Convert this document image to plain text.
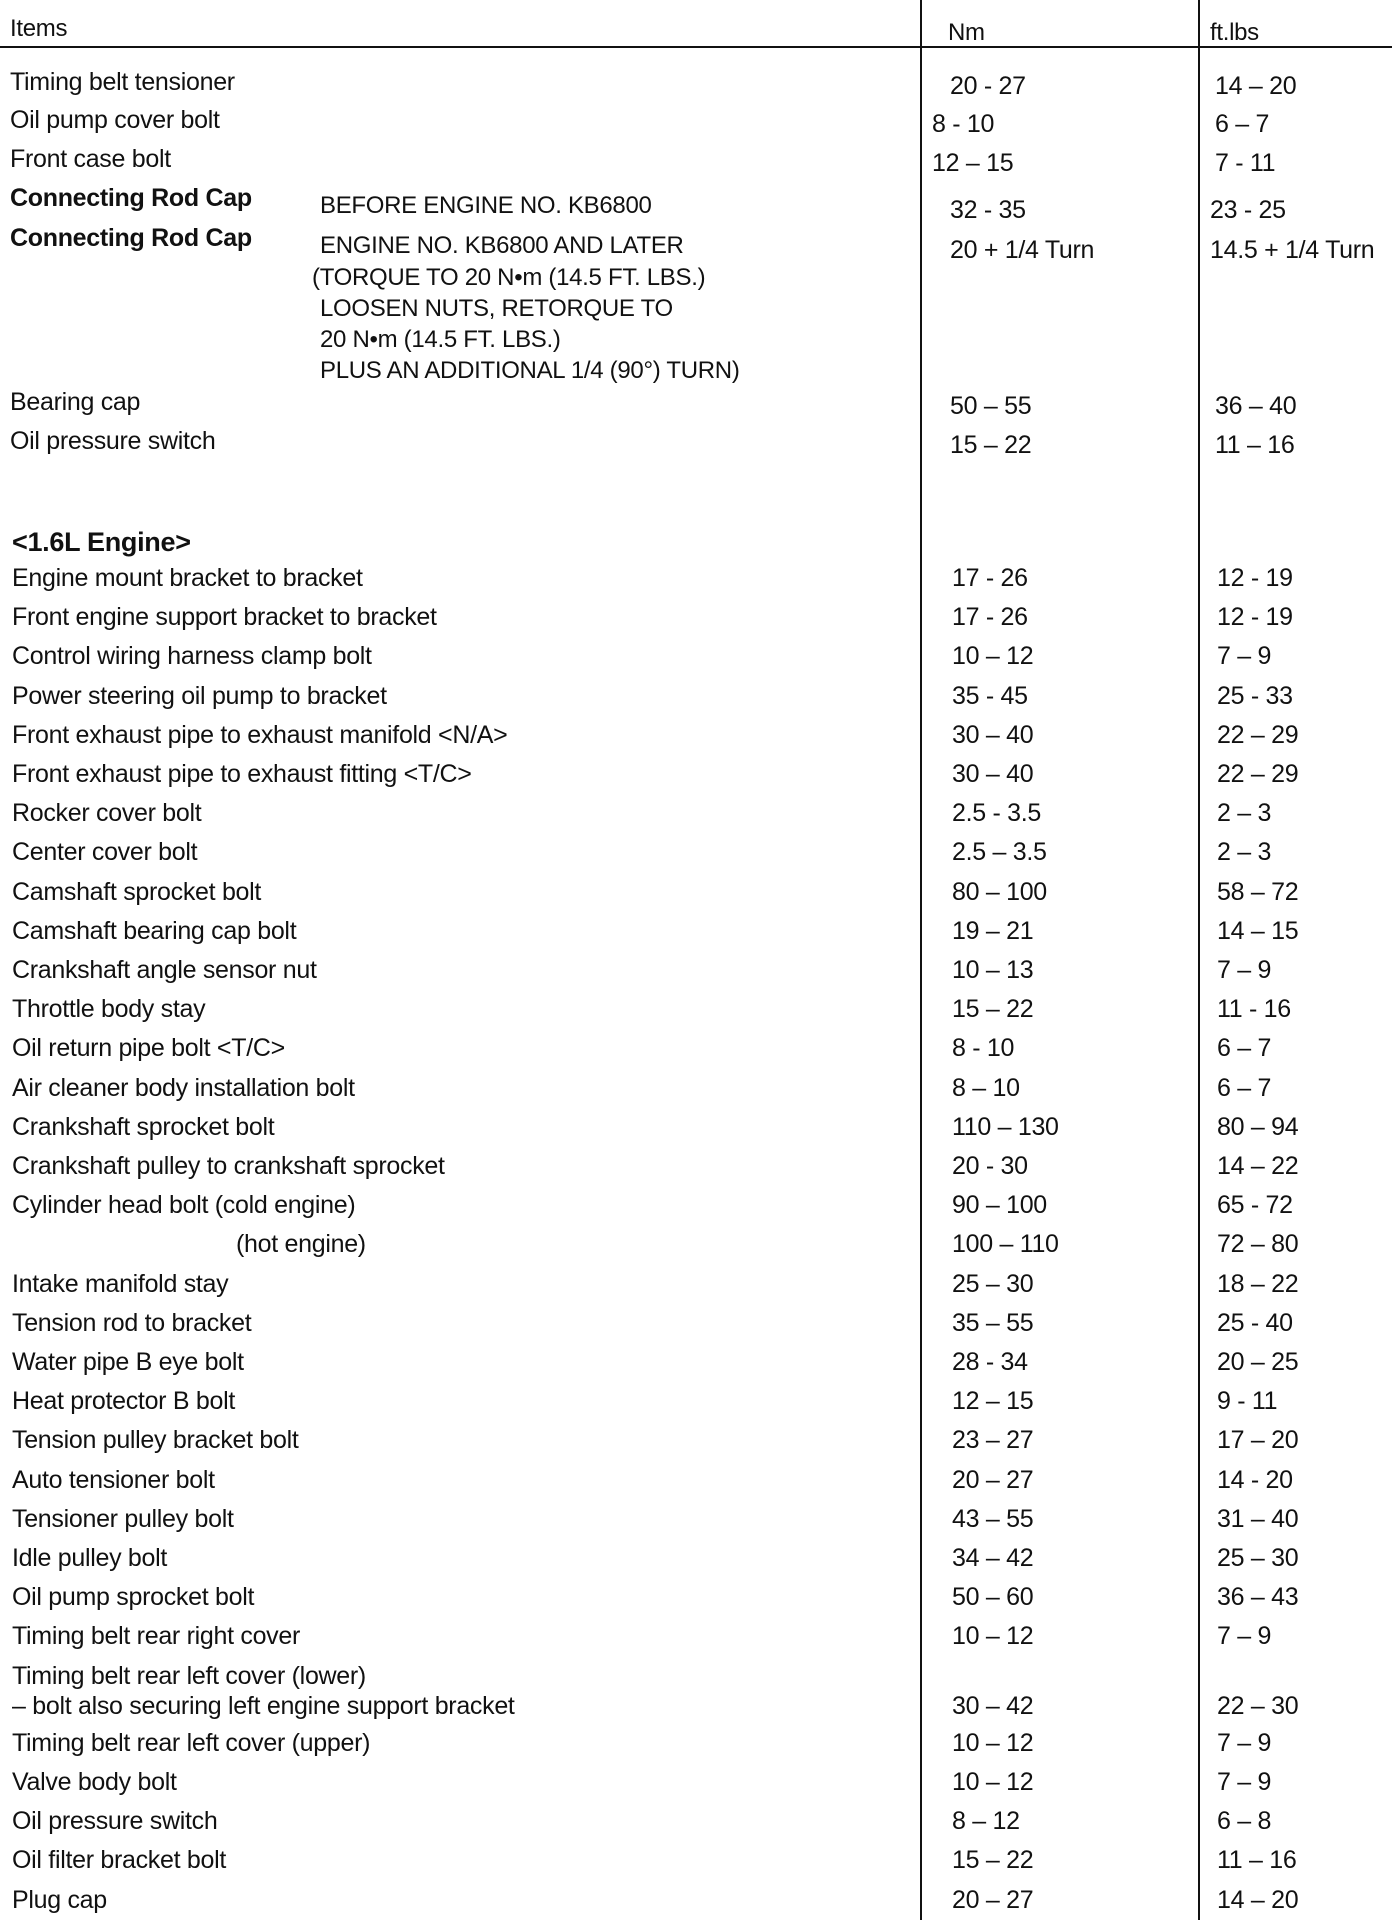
Items	Nm	ft.lbs
Timing belt tensioner	20 - 27	14 – 20
Oil pump cover bolt	8 - 10	6 – 7
Front case bolt	12 – 15	7 - 11
Connecting Rod Cap	BEFORE ENGINE NO. KB6800	32 - 35	23 - 25
Connecting Rod Cap	ENGINE NO. KB6800 AND LATER	20 + 1/4 Turn	14.5 + 1/4 Turn
(TORQUE TO 20 N•m (14.5 FT. LBS.)
LOOSEN NUTS, RETORQUE TO
20 N•m (14.5 FT. LBS.)
PLUS AN ADDITIONAL 1/4 (90°) TURN)
Bearing cap	50 – 55	36 – 40
Oil pressure switch	15 – 22	11 – 16
<1.6L Engine>
Engine mount bracket to bracket	17 - 26	12 - 19
Front engine support bracket to bracket	17 - 26	12 - 19
Control wiring harness clamp bolt	10 – 12	7 – 9
Power steering oil pump to bracket	35 - 45	25 - 33
Front exhaust pipe to exhaust manifold <N/A>	30 – 40	22 – 29
Front exhaust pipe to exhaust fitting <T/C>	30 – 40	22 – 29
Rocker cover bolt	2.5 - 3.5	2 – 3
Center cover bolt	2.5 – 3.5	2 – 3
Camshaft sprocket bolt	80 – 100	58 – 72
Camshaft bearing cap bolt	19 – 21	14 – 15
Crankshaft angle sensor nut	10 – 13	7 – 9
Throttle body stay	15 – 22	11 - 16
Oil return pipe bolt <T/C>	8 - 10	6 – 7
Air cleaner body installation bolt	8 – 10	6 – 7
Crankshaft sprocket bolt	110 – 130	80 – 94
Crankshaft pulley to crankshaft sprocket	20 - 30	14 – 22
Cylinder head bolt (cold engine)	90 – 100	65 - 72
(hot engine)	100 – 110	72 – 80
Intake manifold stay	25 – 30	18 – 22
Tension rod to bracket	35 – 55	25 - 40
Water pipe B eye bolt	28 - 34	20 – 25
Heat protector B bolt	12 – 15	9 - 11
Tension pulley bracket bolt	23 – 27	17 – 20
Auto tensioner bolt	20 – 27	14 - 20
Tensioner pulley bolt	43 – 55	31 – 40
Idle pulley bolt	34 – 42	25 – 30
Oil pump sprocket bolt	50 – 60	36 – 43
Timing belt rear right cover	10 – 12	7 – 9
Timing belt rear left cover (lower)
– bolt also securing left engine support bracket	30 – 42	22 – 30
Timing belt rear left cover (upper)	10 – 12	7 – 9
Valve body bolt	10 – 12	7 – 9
Oil pressure switch	8 – 12	6 – 8
Oil filter bracket bolt	15 – 22	11 – 16
Plug cap	20 – 27	14 – 20
